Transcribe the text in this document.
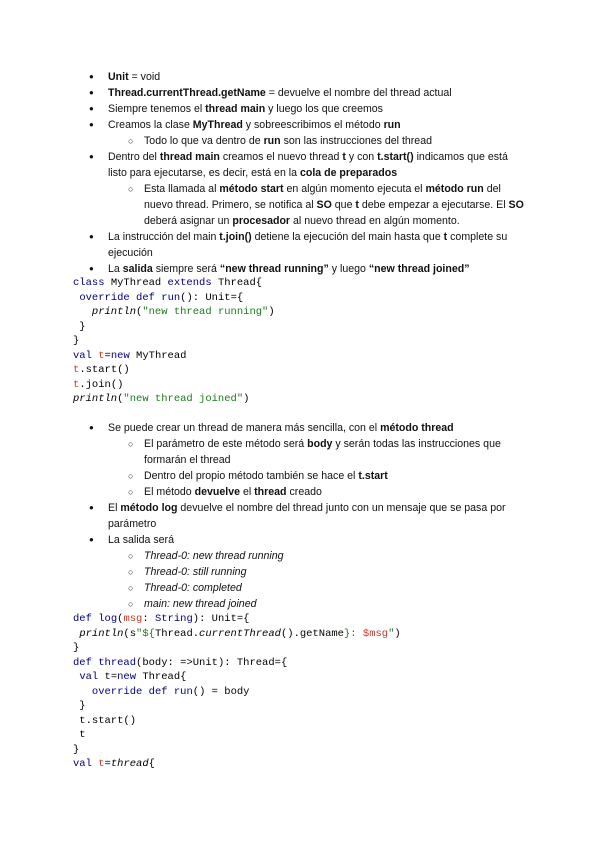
● Unit = void
● Thread.currentThread.getName = devuelve el nombre del thread actual
● Siempre tenemos el thread main y luego los que creemos
● Creamos la clase MyThread y sobreescribimos el método run
○ Todo lo que va dentro de run son las instrucciones del thread
● Dentro del thread main creamos el nuevo thread t y con t.start() indicamos que está listo para ejecutarse, es decir, está en la cola de preparados
○ Esta llamada al método start en algún momento ejecuta el método run del nuevo thread. Primero, se notifica al SO que t debe empezar a ejecutarse. El SO deberá asignar un procesador al nuevo thread en algún momento.
● La instrucción del main t.join() detiene la ejecución del main hasta que t complete su ejecución
● La salida siempre será “new thread running” y luego “new thread joined”
class MyThread extends Thread{
override def run(): Unit={
println("new thread running")
}
}
val t=new MyThread
t.start()
t.join()
println("new thread joined")
● Se puede crear un thread de manera más sencilla, con el método thread
○ El parámetro de este método será body y serán todas las instrucciones que formarán el thread
○ Dentro del propio método también se hace el t.start
○ El método devuelve el thread creado
● El método log devuelve el nombre del thread junto con un mensaje que se pasa por parámetro
● La salida será
○ Thread-0: new thread running
○ Thread-0: still running
○ Thread-0: completed
○ main: new thread joined
def log(msg: String): Unit={
println(s"${Thread.currentThread().getName}: $msg")
}
def thread(body: =>Unit): Thread={
val t=new Thread{
override def run() = body
}
t.start()
t
}
val t=thread{
